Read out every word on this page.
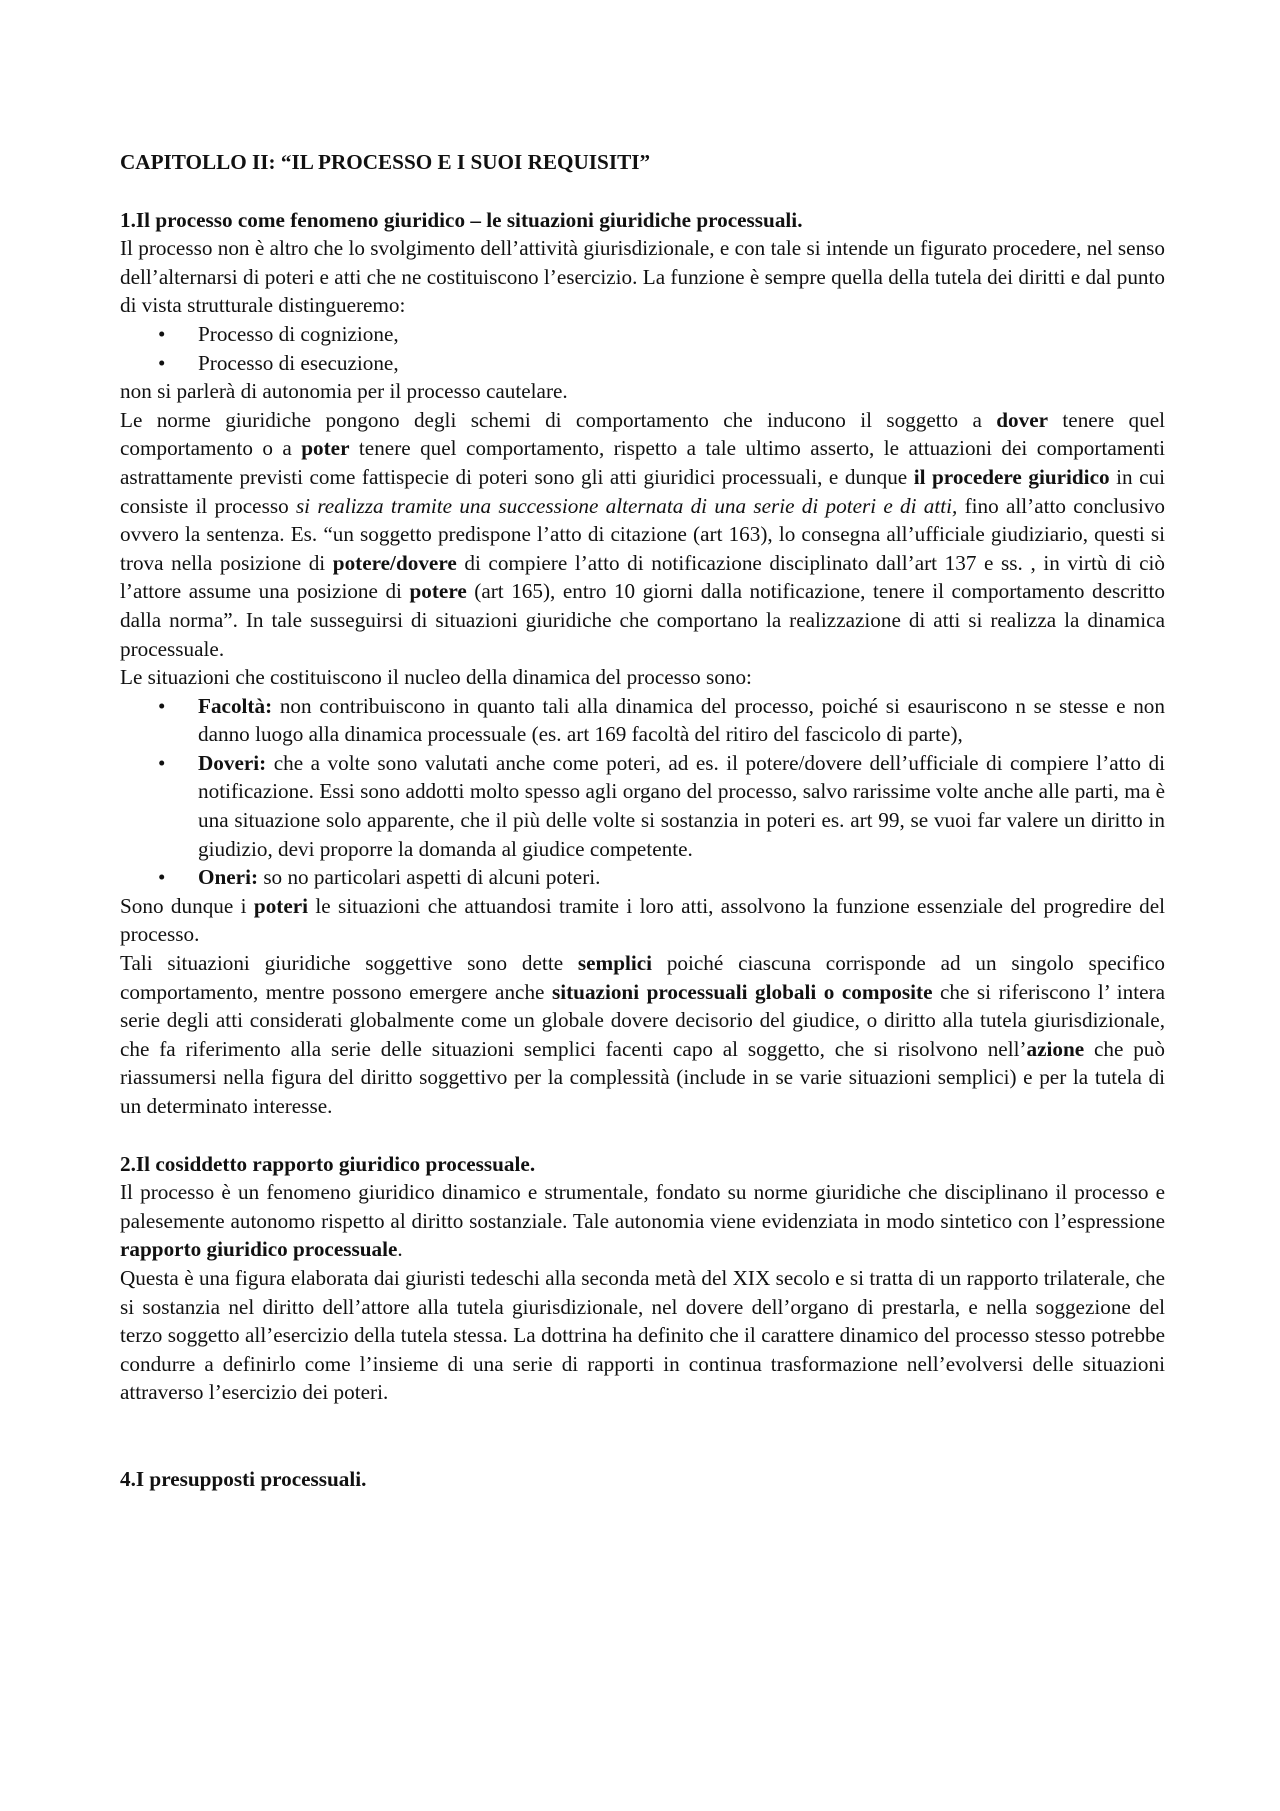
CAPITOLLO II: “IL PROCESSO E I SUOI REQUISITI”
1.Il processo come fenomeno giuridico – le situazioni giuridiche processuali.

Il processo non è altro che lo svolgimento dell’attività giurisdizionale, e con tale si intende un figurato procedere, nel senso dell’alternarsi di poteri e atti che ne costituiscono l’esercizio. La funzione è sempre quella della tutela dei diritti e dal punto di vista strutturale distingueremo:

• Processo di cognizione,
• Processo di esecuzione,

non si parlerà di autonomia per il processo cautelare.

Le norme giuridiche pongono degli schemi di comportamento che inducono il soggetto a dover tenere quel comportamento o a poter tenere quel comportamento, rispetto a tale ultimo asserto, le attuazioni dei comportamenti astrattamente previsti come fattispecie di poteri sono gli atti giuridici processuali, e dunque il procedere giuridico in cui consiste il processo si realizza tramite una successione alternata di una serie di poteri e di atti, fino all’atto conclusivo ovvero la sentenza. Es. “un soggetto predispone l’atto di citazione (art 163), lo consegna all’ufficiale giudiziario, questi si trova nella posizione di potere/dovere di compiere l’atto di notificazione disciplinato dall’art 137 e ss. , in virtù di ciò l’attore assume una posizione di potere (art 165), entro 10 giorni dalla notificazione, tenere il comportamento descritto dalla norma”. In tale susseguirsi di situazioni giuridiche che comportano la realizzazione di atti si realizza la dinamica processuale.

Le situazioni che costituiscono il nucleo della dinamica del processo sono:

• Facoltà: non contribuiscono in quanto tali alla dinamica del processo, poiché si esauriscono n se stesse e non danno luogo alla dinamica processuale (es. art 169 facoltà del ritiro del fascicolo di parte),
• Doveri: che a volte sono valutati anche come poteri, ad es. il potere/dovere dell’ufficiale di compiere l’atto di notificazione. Essi sono addotti molto spesso agli organo del processo, salvo rarissime volte anche alle parti, ma è una situazione solo apparente, che il più delle volte si sostanzia in poteri es. art 99, se vuoi far valere un diritto in giudizio, devi proporre la domanda al giudice competente.
• Oneri: so no particolari aspetti di alcuni poteri.

Sono dunque i poteri le situazioni che attuandosi tramite i loro atti, assolvono la funzione essenziale del progredire del processo.

Tali situazioni giuridiche soggettive sono dette semplici poiché ciascuna corrisponde ad un singolo specifico comportamento, mentre possono emergere anche situazioni processuali globali o composite che si riferiscono l’ intera serie degli atti considerati globalmente come un globale dovere decisorio del giudice, o diritto alla tutela giurisdizionale, che fa riferimento alla serie delle situazioni semplici facenti capo al soggetto, che si risolvono nell’azione che può riassumersi nella figura del diritto soggettivo per la complessità (include in se varie situazioni semplici) e per la tutela di un determinato interesse.

2.Il cosiddetto rapporto giuridico processuale.

Il processo è un fenomeno giuridico dinamico e strumentale, fondato su norme giuridiche che disciplinano il processo e palesemente autonomo rispetto al diritto sostanziale. Tale autonomia viene evidenziata in modo sintetico con l’espressione rapporto giuridico processuale.

Questa è una figura elaborata dai giuristi tedeschi alla seconda metà del XIX secolo e si tratta di un rapporto trilaterale, che si sostanzia nel diritto dell’attore alla tutela giurisdizionale, nel dovere dell’organo di prestarla, e nella soggezione del terzo soggetto all’esercizio della tutela stessa. La dottrina ha definito che il carattere dinamico del processo stesso potrebbe condurre a definirlo come l’insieme di una serie di rapporti in continua trasformazione nell’evolversi delle situazioni attraverso l’esercizio dei poteri.

4.I presupposti processuali.
